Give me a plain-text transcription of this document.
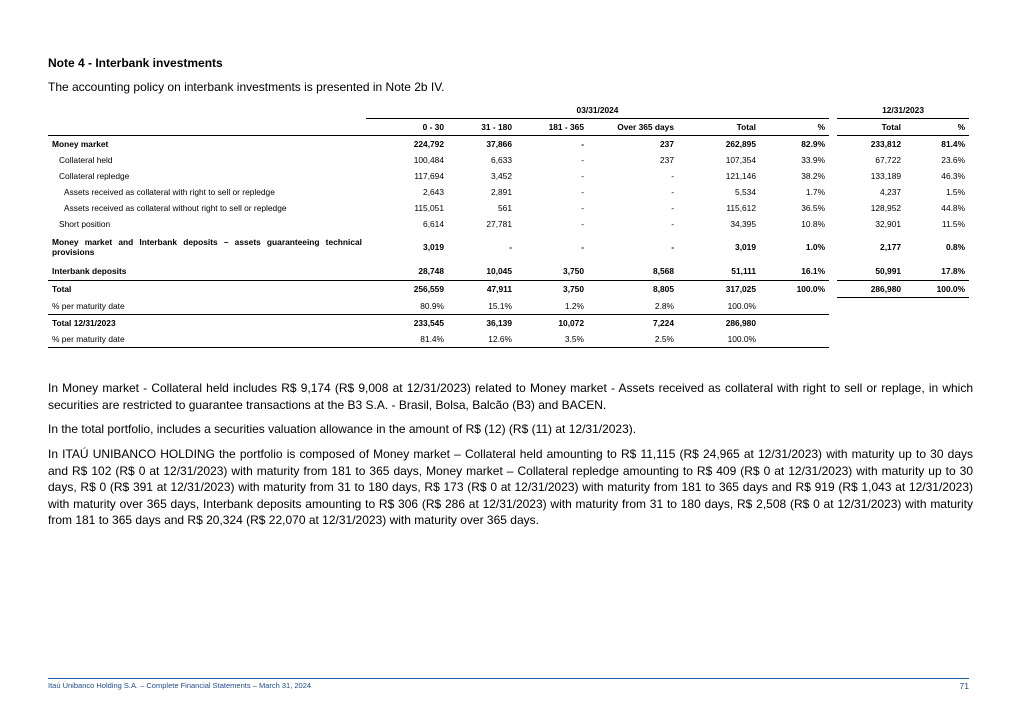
Note 4 - Interbank investments
The accounting policy on interbank investments is presented in Note 2b IV.
	03/31/2024						12/31/2023	
	0 - 30	31 - 180	181 - 365	Over 365 days	Total	%	Total	%
Money market	224,792	37,866	-	237	262,895	82.9%	233,812	81.4%
Collateral held	100,484	6,633	-	237	107,354	33.9%	67,722	23.6%
Collateral repledge	117,694	3,452	-	-	121,146	38.2%	133,189	46.3%
Assets received as collateral with right to sell or repledge	2,643	2,891	-	-	5,534	1.7%	4,237	1.5%
Assets received as collateral without right to sell or repledge	115,051	561	-	-	115,612	36.5%	128,952	44.8%
Short position	6,614	27,781	-	-	34,395	10.8%	32,901	11.5%
Money market and Interbank deposits – assets guaranteeing technical provisions	3,019	-	-	-	3,019	1.0%	2,177	0.8%
Interbank deposits	28,748	10,045	3,750	8,568	51,111	16.1%	50,991	17.8%
Total	256,559	47,911	3,750	8,805	317,025	100.0%	286,980	100.0%
% per maturity date	80.9%	15.1%	1.2%	2.8%	100.0%			
Total 12/31/2023	233,545	36,139	10,072	7,224	286,980			
% per maturity date	81.4%	12.6%	3.5%	2.5%	100.0%			
In Money market - Collateral held includes R$ 9,174 (R$ 9,008 at 12/31/2023) related to Money market - Assets received as collateral with right to sell or replage, in which securities are restricted to guarantee transactions at the B3 S.A. - Brasil, Bolsa, Balcão (B3) and BACEN.
In the total portfolio, includes a securities valuation allowance in the amount of R$ (12) (R$ (11) at 12/31/2023).
In ITAÚ UNIBANCO HOLDING the portfolio is composed of Money market – Collateral held amounting to R$ 11,115 (R$ 24,965 at 12/31/2023) with maturity up to 30 days and R$ 102 (R$ 0 at 12/31/2023) with maturity from 181 to 365 days, Money market – Collateral repledge amounting to R$ 409 (R$ 0 at 12/31/2023) with maturity up to 30 days, R$ 0 (R$ 391 at 12/31/2023) with maturity from 31 to 180 days, R$ 173 (R$ 0 at 12/31/2023) with maturity from 181 to 365 days and R$ 919 (R$ 1,043 at 12/31/2023) with maturity over 365 days, Interbank deposits amounting to R$ 306 (R$ 286 at 12/31/2023) with maturity from 31 to 180 days, R$ 2,508 (R$ 0 at 12/31/2023) with maturity from 181 to 365 days and R$ 20,324 (R$ 22,070 at 12/31/2023) with maturity over 365 days.
Itaú Unibanco Holding S.A. – Complete Financial Statements – March 31, 2024	71
